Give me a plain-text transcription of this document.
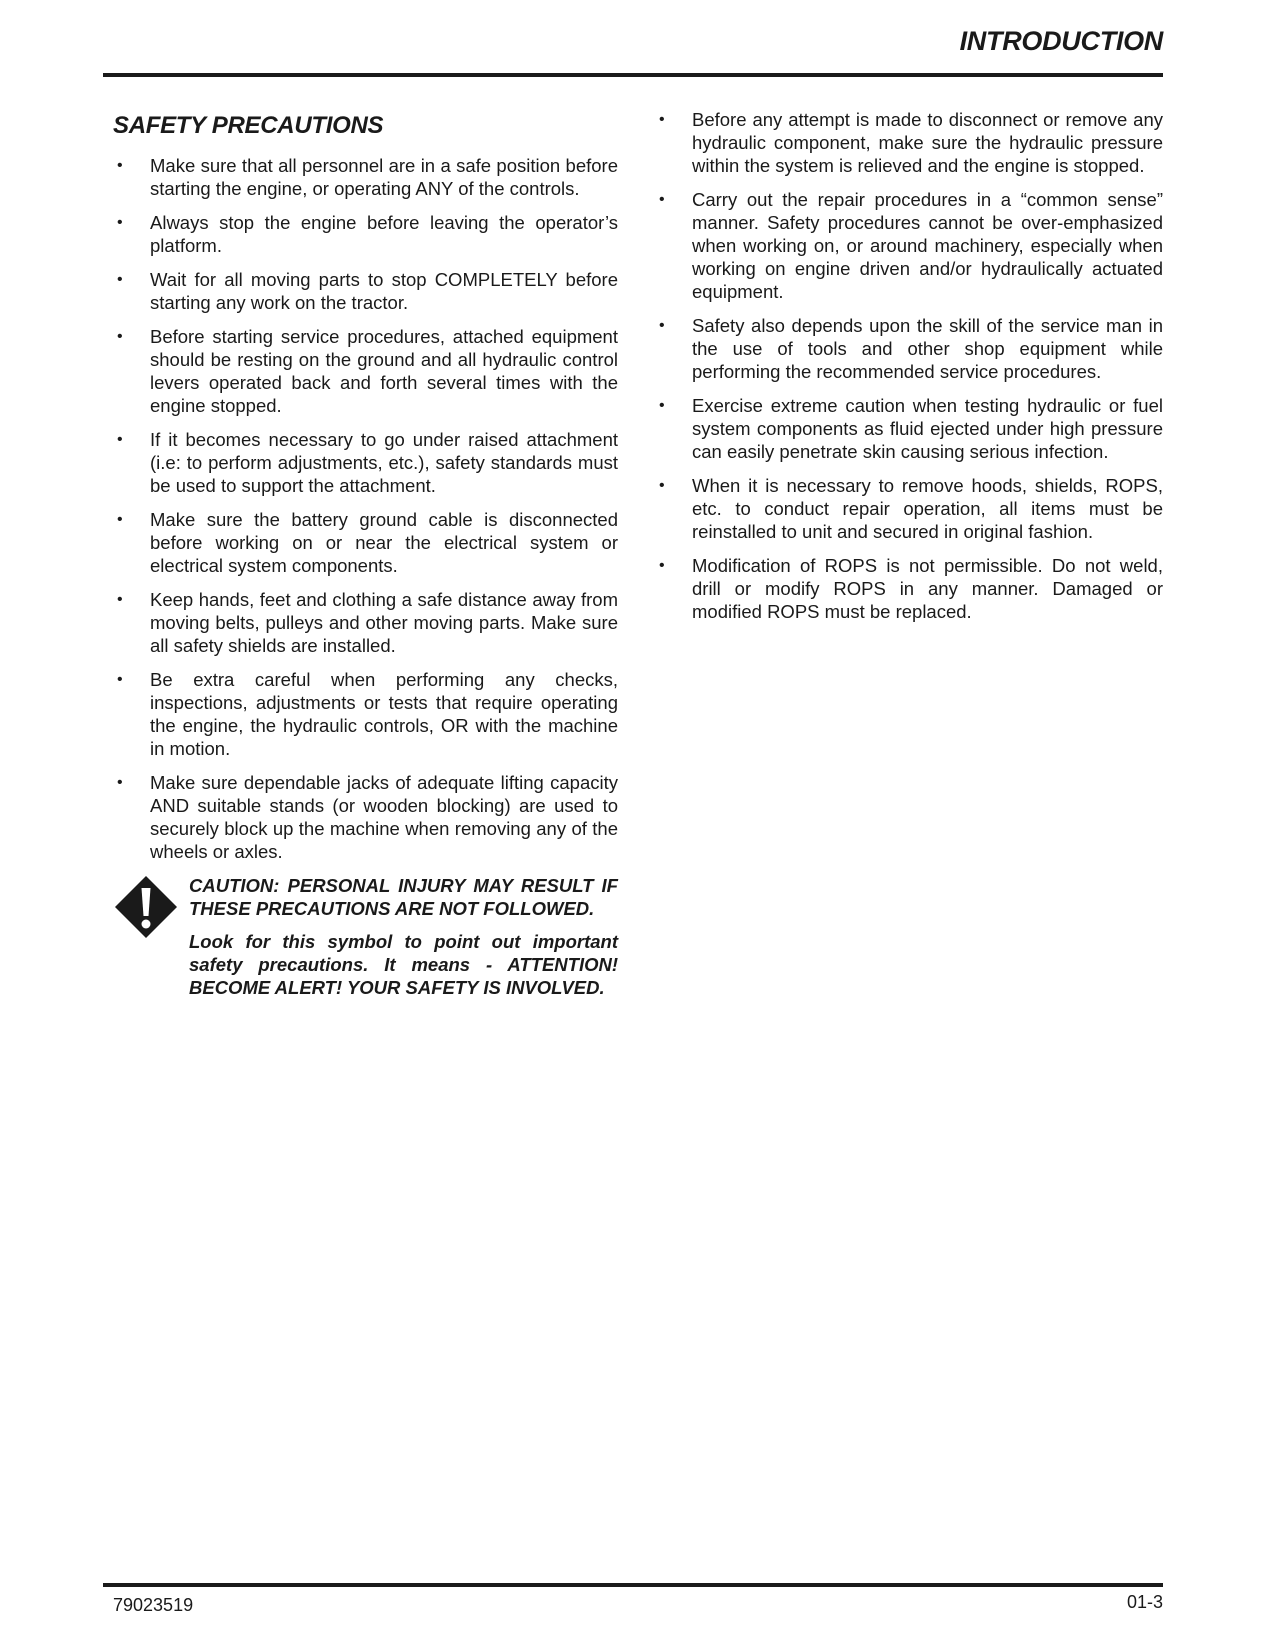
INTRODUCTION
SAFETY PRECAUTIONS
• Make sure that all personnel are in a safe position before starting the engine, or operating ANY of the controls.
• Always stop the engine before leaving the operator’s platform.
• Wait for all moving parts to stop COMPLETELY before starting any work on the tractor.
• Before starting service procedures, attached equipment should be resting on the ground and all hydraulic control levers operated back and forth several times with the engine stopped.
• If it becomes necessary to go under raised attachment (i.e: to perform adjustments, etc.), safety standards must be used to support the attachment.
• Make sure the battery ground cable is disconnected before working on or near the electrical system or electrical system components.
• Keep hands, feet and clothing a safe distance away from moving belts, pulleys and other moving parts. Make sure all safety shields are installed.
• Be extra careful when performing any checks, inspections, adjustments or tests that require operating the engine, the hydraulic controls, OR with the machine in motion.
• Make sure dependable jacks of adequate lifting capacity AND suitable stands (or wooden blocking) are used to securely block up the machine when removing any of the wheels or axles.

CAUTION: PERSONAL INJURY MAY RESULT IF THESE PRECAUTIONS ARE NOT FOLLOWED.

Look for this symbol to point out important safety precautions. It means - ATTENTION! BECOME ALERT! YOUR SAFETY IS INVOLVED.

• Before any attempt is made to disconnect or remove any hydraulic component, make sure the hydraulic pressure within the system is relieved and the engine is stopped.
• Carry out the repair procedures in a “common sense” manner. Safety procedures cannot be over-emphasized when working on, or around machinery, especially when working on engine driven and/or hydraulically actuated equipment.
• Safety also depends upon the skill of the service man in the use of tools and other shop equipment while performing the recommended service procedures.
• Exercise extreme caution when testing hydraulic or fuel system components as fluid ejected under high pressure can easily penetrate skin causing serious infection.
• When it is necessary to remove hoods, shields, ROPS, etc. to conduct repair operation, all items must be reinstalled to unit and secured in original fashion.
• Modification of ROPS is not permissible. Do not weld, drill or modify ROPS in any manner. Damaged or modified ROPS must be replaced.
79023519	01-3
